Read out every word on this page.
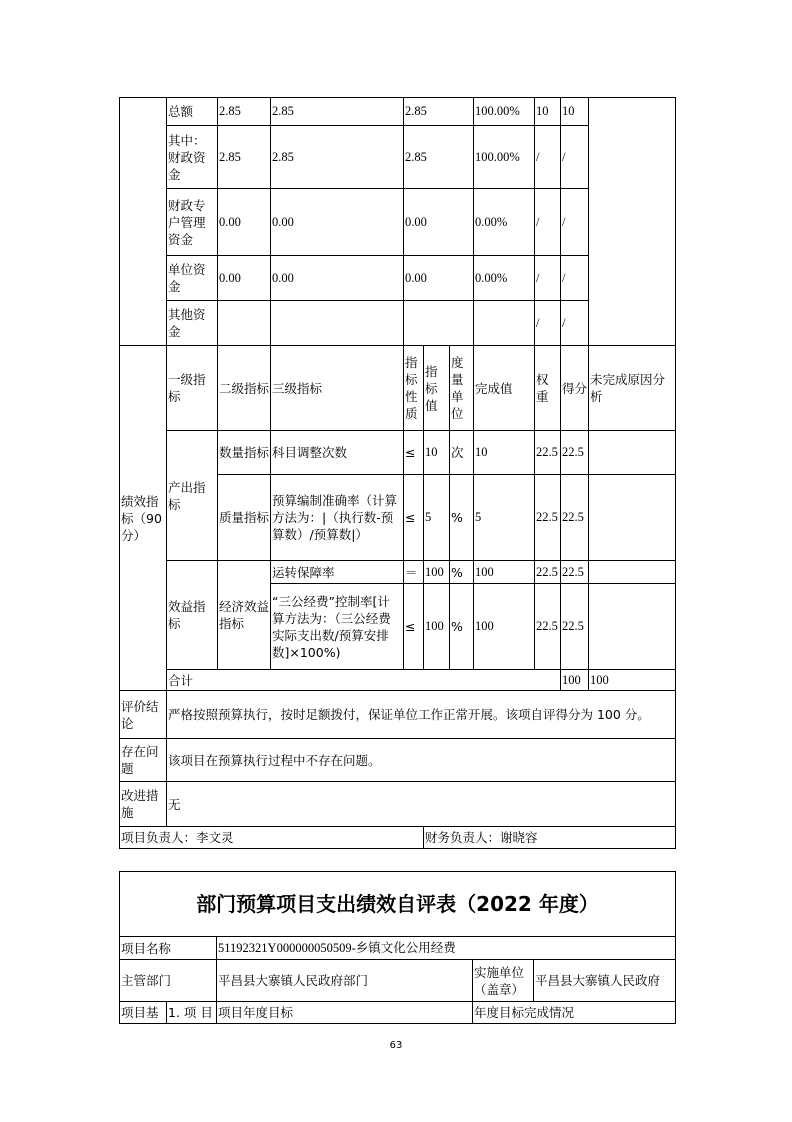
	总额	2.85	2.85	2.85			100.00%	10	10		
	其中：财政资金	2.85	2.85	2.85			100.00%	/	/		
	财政专户管理资金	0.00	0.00	0.00			0.00%	/	/		
	单位资金	0.00	0.00	0.00			0.00%	/	/		
	其他资金							/	/		
绩效指标（90分）	一级指标	二级指标	三级指标	指标性质	指标值	度量单位	完成值	权重	得分	未完成原因分析	
	产出指标	数量指标	科目调整次数	≤	10	次	10	22.5	22.5		
		质量指标	预算编制准确率（计算方法为：|（执行数-预算数）/预算数|）	≤	5	%	5	22.5	22.5		
	效益指标	经济效益指标	运转保障率	＝	100	%	100	22.5	22.5		
			“三公经费”控制率[计算方法为：（三公经费实际支出数/预算安排数]×100%)	≤	100	%	100	22.5	22.5		
	合计								100	100	
评价结论	严格按照预算执行，按时足额拨付，保证单位工作正常开展。该项自评得分为 100 分。										
存在问题	该项目在预算执行过程中不存在问题。										
改进措施	无										
项目负责人：李文灵					财务负责人：谢晓容						
部门预算项目支出绩效自评表（2022 年度）				
项目名称		51192321Y000000050509-乡镇文化公用经费		
主管部门		平昌县大寨镇人民政府部门	实施单位（盖章）	平昌县大寨镇人民政府
项目基	1. 项 目	项目年度目标	年度目标完成情况	
63
